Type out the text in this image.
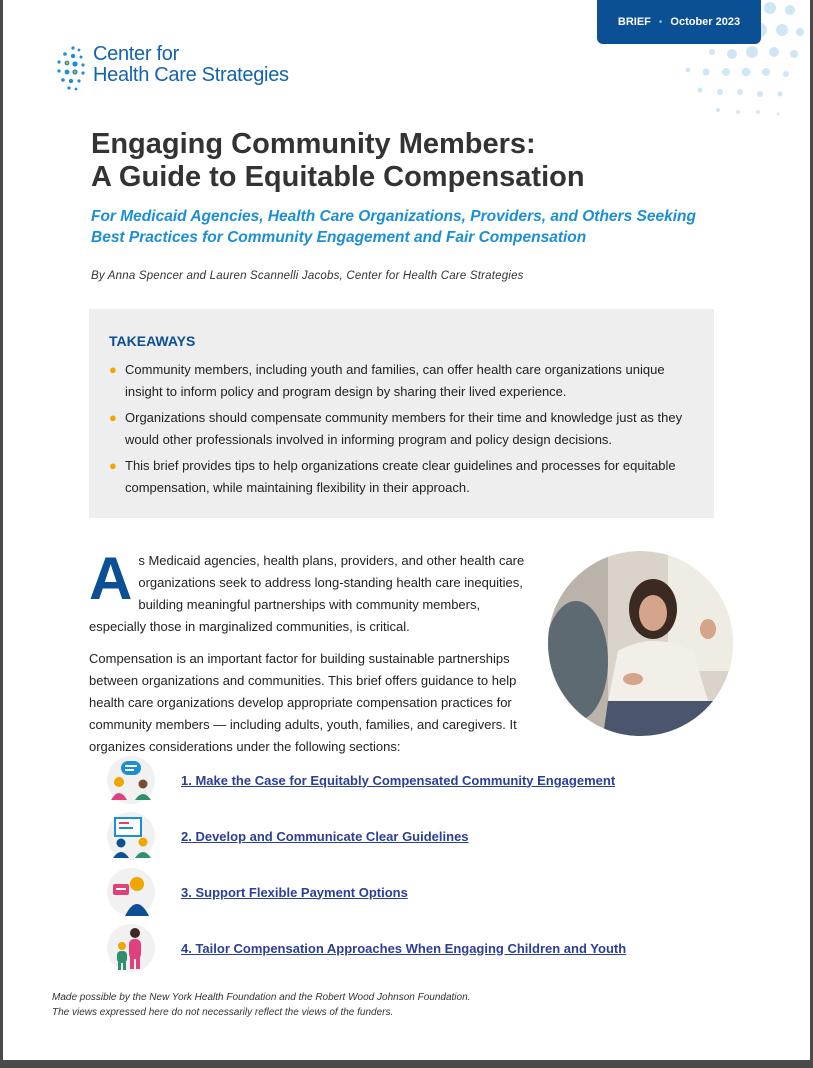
BRIEF • October 2023
Center for
Health Care Strategies
Engaging Community Members:
A Guide to Equitable Compensation

For Medicaid Agencies, Health Care Organizations, Providers, and Others Seeking Best Practices for Community Engagement and Fair Compensation

By Anna Spencer and Lauren Scannelli Jacobs, Center for Health Care Strategies

TAKEAWAYS
● Community members, including youth and families, can offer health care organizations unique insight to inform policy and program design by sharing their lived experience.
● Organizations should compensate community members for their time and knowledge just as they would other professionals involved in informing program and policy design decisions.
● This brief provides tips to help organizations create clear guidelines and processes for equitable compensation, while maintaining flexibility in their approach.

As Medicaid agencies, health plans, providers, and other health care organizations seek to address long-standing health care inequities, building meaningful partnerships with community members, especially those in marginalized communities, is critical.

Compensation is an important factor for building sustainable partnerships between organizations and communities. This brief offers guidance to help health care organizations develop appropriate compensation practices for community members — including adults, youth, families, and caregivers. It organizes considerations under the following sections:

1. Make the Case for Equitably Compensated Community Engagement
2. Develop and Communicate Clear Guidelines
3. Support Flexible Payment Options
4. Tailor Compensation Approaches When Engaging Children and Youth

Made possible by the New York Health Foundation and the Robert Wood Johnson Foundation.
The views expressed here do not necessarily reflect the views of the funders.
